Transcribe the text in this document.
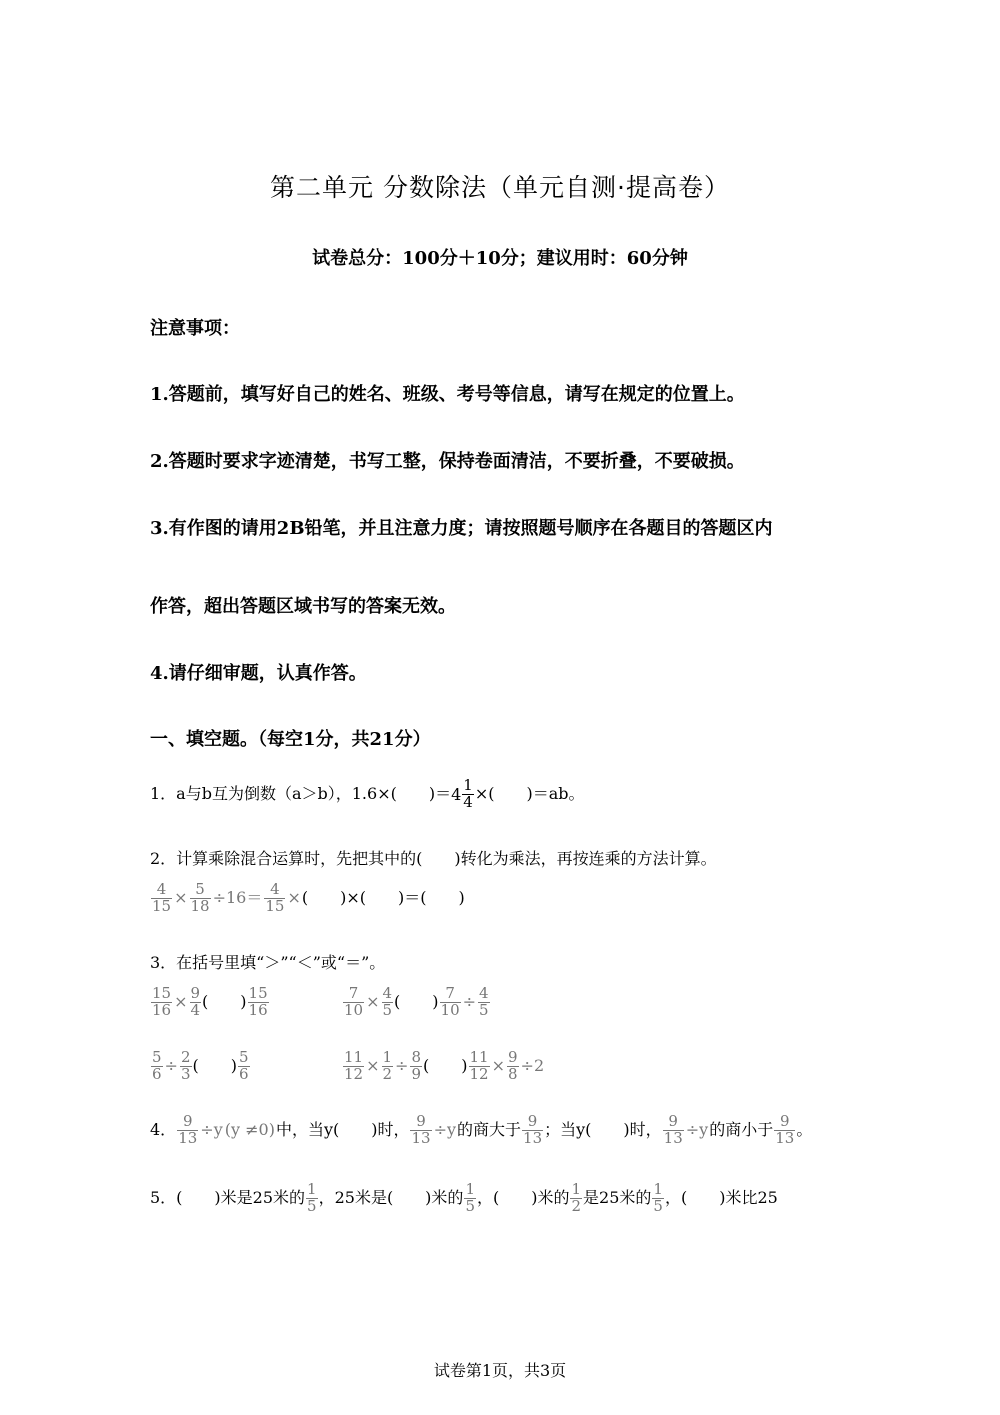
第二单元 分数除法（单元自测·提高卷）
试卷总分：100分＋10分；建议用时：60分钟
注意事项：
1.答题前，填写好自己的姓名、班级、考号等信息，请写在规定的位置上。
2.答题时要求字迹清楚，书写工整，保持卷面清洁，不要折叠，不要破损。
3.有作图的请用2B铅笔，并且注意力度；请按照题号顺序在各题目的答题区内
作答，超出答题区域书写的答案无效。
4.请仔细审题，认真作答。
一、填空题。（每空1分，共21分）
1．a与b互为倒数（a＞b），1.6×(　　)＝ $4 \frac{1}{4}$ ×(　　)＝ab。
2．计算乘除混合运算时，先把其中的(　　)转化为乘法，再按连乘的方法计算。
$\frac{4}{15} \times \frac{5}{18} \div 16= \frac{4}{15}$ ×(　　)×(　　)＝(　　)
3．在括号里填“＞”“＜”或“＝”。
$\frac{15}{16} \times \frac{9}{4}$ (　　) $\frac{15}{16}$	$\frac{7}{10} \times \frac{4}{5}$ (　　) $\frac{7}{10} \div \frac{4}{5}$
$\frac{5}{6} \div \frac{2}{3}$ (　　) $\frac{5}{6}$	$\frac{11}{12} \times \frac{1}{2} \div \frac{8}{9}$ (　　) $\frac{11}{12} \times \frac{9}{8} \div 2$
4． $\frac{9}{13} \div y$ (y ≠0)中，当y(　　)时， $\frac{9}{13} \div y$的商大于 $\frac{9}{13}$ ；当y(　　)时， $\frac{9}{13} \div y$的商小于 $\frac{9}{13}$ 。
5．(　　)米是25米的 $\frac{1}{5}$ ，25米是(　　)米的 $\frac{1}{5}$ ，(　　)米的 $\frac{1}{2}$ 是25米的 $\frac{1}{5}$ ，(　　)米比25
试卷第1页，共3页
